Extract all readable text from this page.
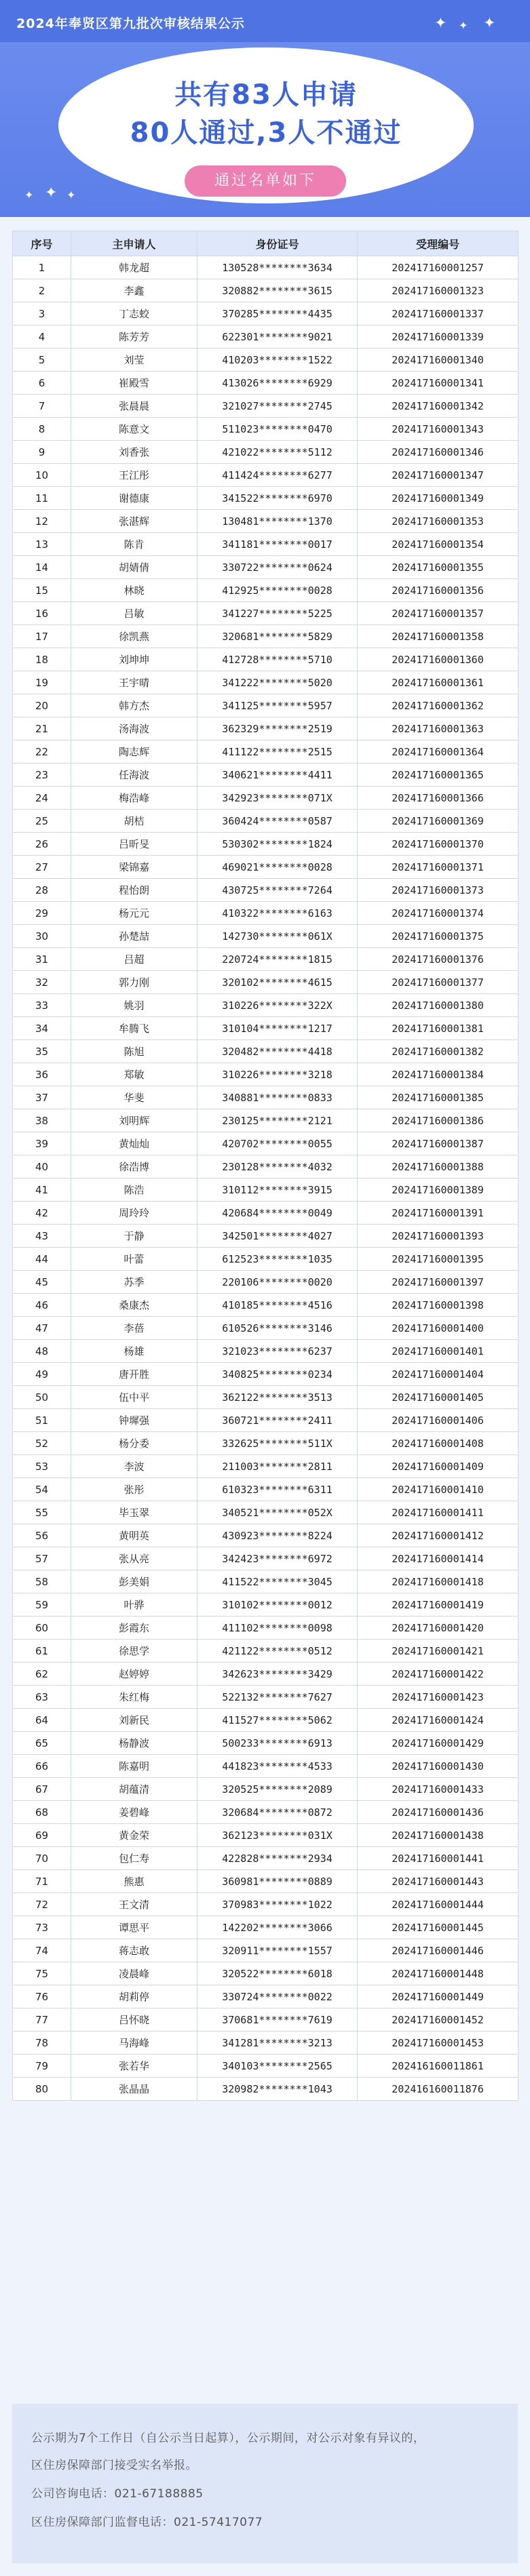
2024年奉贤区第九批次审核结果公示	✦ ✦ ✦
✦ ✦ ✦
共有83人申请
80人通过,3人不通过
通过名单如下
序号	主申请人	身份证号	受理编号
1	韩龙超	130528********3634	202417160001257
2	李鑫	320882********3615	202417160001323
3	丁志蛟	370285********4435	202417160001337
4	陈芳芳	622301********9021	202417160001339
5	刘莹	410203********1522	202417160001340
6	崔殿雪	413026********6929	202417160001341
7	张晨晨	321027********2745	202417160001342
8	陈意文	511023********0470	202417160001343
9	刘香张	421022********5112	202417160001346
10	王江彤	411424********6277	202417160001347
11	谢德康	341522********6970	202417160001349
12	张湛辉	130481********1370	202417160001353
13	陈肯	341181********0017	202417160001354
14	胡婧倩	330722********0624	202417160001355
15	林晓	412925********0028	202417160001356
16	吕敏	341227********5225	202417160001357
17	徐凯燕	320681********5829	202417160001358
18	刘坤坤	412728********5710	202417160001360
19	王宇晴	341222********5020	202417160001361
20	韩方杰	341125********5957	202417160001362
21	汤海波	362329********2519	202417160001363
22	陶志辉	411122********2515	202417160001364
23	任海波	340621********4411	202417160001365
24	梅浩峰	342923********071X	202417160001366
25	胡桔	360424********0587	202417160001369
26	吕昕旻	530302********1824	202417160001370
27	梁锦嘉	469021********0028	202417160001371
28	程怡朗	430725********7264	202417160001373
29	杨元元	410322********6163	202417160001374
30	孙楚喆	142730********061X	202417160001375
31	吕超	220724********1815	202417160001376
32	郭力刚	320102********4615	202417160001377
33	姚羽	310226********322X	202417160001380
34	牟腾飞	310104********1217	202417160001381
35	陈旭	320482********4418	202417160001382
36	郑敏	310226********3218	202417160001384
37	华斐	340881********0833	202417160001385
38	刘明辉	230125********2121	202417160001386
39	黄灿灿	420702********0055	202417160001387
40	徐浩博	230128********4032	202417160001388
41	陈浩	310112********3915	202417160001389
42	周玲玲	420684********0049	202417160001391
43	于静	342501********4027	202417160001393
44	叶蕾	612523********1035	202417160001395
45	苏季	220106********0020	202417160001397
46	桑康杰	410185********4516	202417160001398
47	李蓓	610526********3146	202417160001400
48	杨雄	321023********6237	202417160001401
49	唐开胜	340825********0234	202417160001404
50	伍中平	362122********3513	202417160001405
51	钟墀强	360721********2411	202417160001406
52	杨分委	332625********511X	202417160001408
53	李波	211003********2811	202417160001409
54	张彤	610323********6311	202417160001410
55	毕玉翠	340521********052X	202417160001411
56	黄明英	430923********8224	202417160001412
57	张从亮	342423********6972	202417160001414
58	彭美娟	411522********3045	202417160001418
59	叶骅	310102********0012	202417160001419
60	彭霞东	411102********0098	202417160001420
61	徐思学	421122********0512	202417160001421
62	赵婷婷	342623********3429	202417160001422
63	朱红梅	522132********7627	202417160001423
64	刘新民	411527********5062	202417160001424
65	杨静波	500233********6913	202417160001429
66	陈嘉明	441823********4533	202417160001430
67	胡蕴清	320525********2089	202417160001433
68	姜碧峰	320684********0872	202417160001436
69	黄金荣	362123********031X	202417160001438
70	包仁寿	422828********2934	202417160001441
71	熊惠	360981********0889	202417160001443
72	王文清	370983********1022	202417160001444
73	谭思平	142202********3066	202417160001445
74	蒋志敢	320911********1557	202417160001446
75	凌晨峰	320522********6018	202417160001448
76	胡莉停	330724********0022	202417160001449
77	吕怀晓	370681********7619	202417160001452
78	马海峰	341281********3213	202417160001453
79	张若华	340103********2565	202416160011861
80	张晶晶	320982********1043	202416160011876
公示期为7个工作日（自公示当日起算），公示期间，对公示对象有异议的，
区住房保障部门接受实名举报。
公司咨询电话：021-67188885
区住房保障部门监督电话：021-57417077
